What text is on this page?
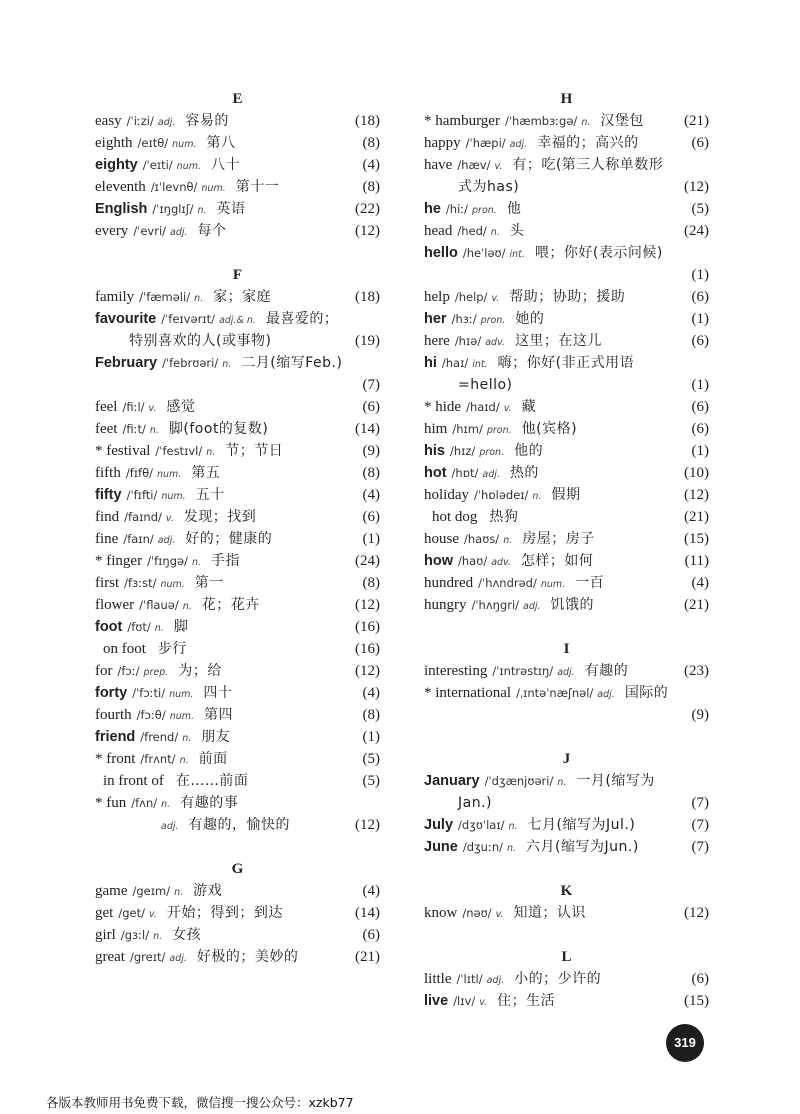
E
easy /ˈiːzi/ adj. 容易的	(18)
eighth /eɪtθ/ num. 第八	(8)
eighty /ˈeɪti/ num. 八十	(4)
eleventh /ɪˈlevnθ/ num. 第十一	(8)
English /ˈɪŋglɪʃ/ n. 英语	(22)
every /ˈevri/ adj. 每个	(12)
F
family /ˈfæməli/ n. 家；家庭	(18)
favourite /ˈfeɪvərɪt/ adj.& n. 最喜爱的；
特别喜欢的人(或事物)	(19)
February /ˈfebrʊəri/ n. 二月(缩写Feb.)
(7)
feel /fiːl/ v. 感觉	(6)
feet /fiːt/ n. 脚(foot的复数)	(14)
* festival /ˈfestɪvl/ n. 节；节日	(9)
fifth /fɪfθ/ num. 第五	(8)
fifty /ˈfɪfti/ num. 五十	(4)
find /faɪnd/ v. 发现；找到	(6)
fine /faɪn/ adj. 好的；健康的	(1)
* finger /ˈfɪŋgə/ n. 手指	(24)
first /fɜːst/ num. 第一	(8)
flower /ˈflauə/ n. 花；花卉	(12)
foot /fʊt/ n. 脚	(16)
on foot 步行	(16)
for /fɔː/ prep. 为；给	(12)
forty /ˈfɔːti/ num. 四十	(4)
fourth /fɔːθ/ num. 第四	(8)
friend /frend/ n. 朋友	(1)
* front /frʌnt/ n. 前面	(5)
in front of 在……前面	(5)
* fun /fʌn/ n. 有趣的事
adj. 有趣的，愉快的	(12)
G
game /geɪm/ n. 游戏	(4)
get /get/ v. 开始；得到；到达	(14)
girl /gɜːl/ n. 女孩	(6)
great /greɪt/ adj. 好极的；美妙的	(21)
H
* hamburger /ˈhæmbɜːgə/ n. 汉堡包	(21)
happy /ˈhæpi/ adj. 幸福的；高兴的	(6)
have /hæv/ v. 有；吃(第三人称单数形
式为has)	(12)
he /hiː/ pron. 他	(5)
head /hed/ n. 头	(24)
hello /heˈləʊ/ int. 喂；你好(表示问候)
(1)
help /help/ v. 帮助；协助；援助	(6)
her /hɜː/ pron. 她的	(1)
here /hɪə/ adv. 这里；在这儿	(6)
hi /haɪ/ int. 嗨；你好(非正式用语
=hello)	(1)
* hide /haɪd/ v. 藏	(6)
him /hɪm/ pron. 他(宾格)	(6)
his /hɪz/ pron. 他的	(1)
hot /hɒt/ adj. 热的	(10)
holiday /ˈhɒlədeɪ/ n. 假期	(12)
hot dog 热狗	(21)
house /haʊs/ n. 房屋；房子	(15)
how /haʊ/ adv. 怎样；如何	(11)
hundred /ˈhʌndrəd/ num. 一百	(4)
hungry /ˈhʌŋgri/ adj. 饥饿的	(21)
I
interesting /ˈɪntrəstɪŋ/ adj. 有趣的	(23)
* international /ˌɪntəˈnæʃnəl/ adj. 国际的
(9)
J
January /ˈdʒænjʊəri/ n. 一月(缩写为
Jan.)	(7)
July /dʒʊˈlaɪ/ n. 七月(缩写为Jul.)	(7)
June /dʒuːn/ n. 六月(缩写为Jun.)	(7)
K
know /nəʊ/ v. 知道；认识	(12)
L
little /ˈlɪtl/ adj. 小的；少许的	(6)
live /lɪv/ v. 住；生活	(15)
319
各版本教师用书免费下载，微信搜一搜公众号：xzkb77
